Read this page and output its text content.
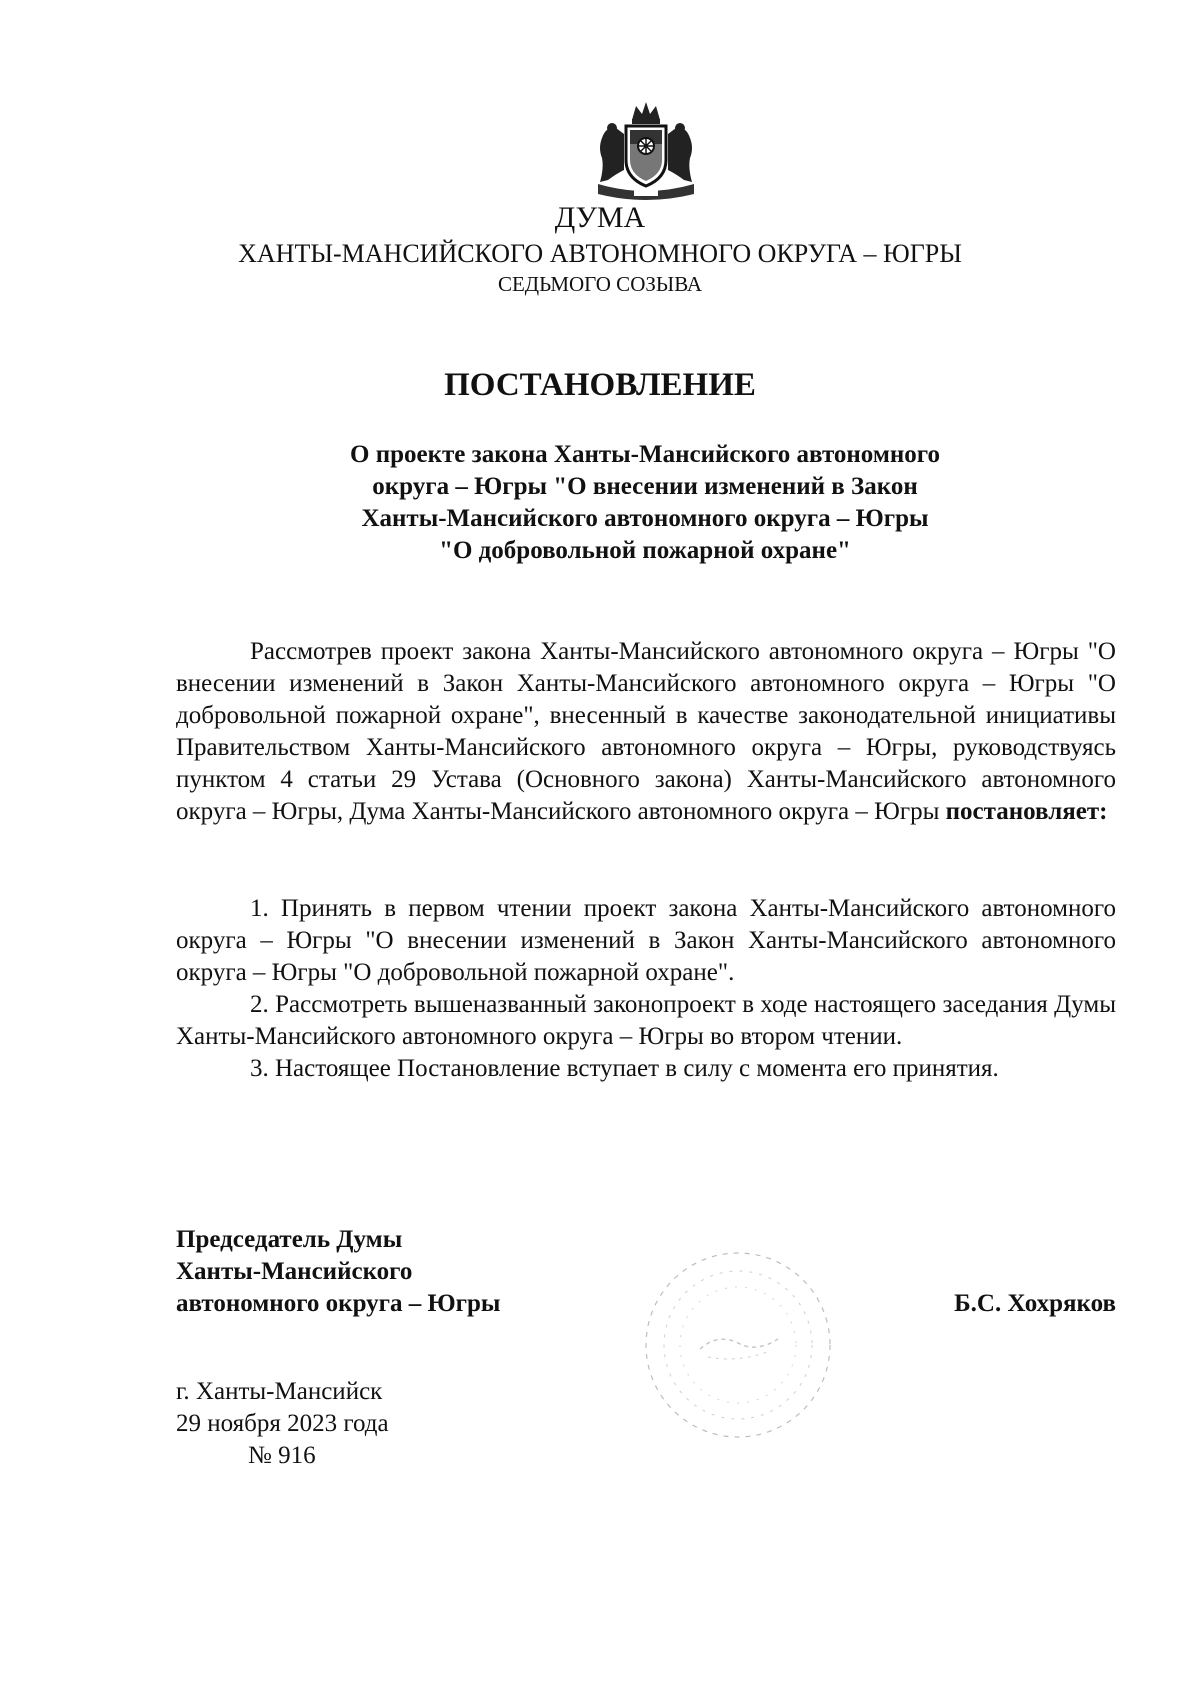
ДУМА
ХАНТЫ-МАНСИЙСКОГО АВТОНОМНОГО ОКРУГА – ЮГРЫ
СЕДЬМОГО СОЗЫВА
ПОСТАНОВЛЕНИЕ
О проекте закона Ханты-Мансийского автономного
округа – Югры "О внесении изменений в Закон
Ханты-Мансийского автономного округа – Югры
"О добровольной пожарной охране"

Рассмотрев проект закона Ханты-Мансийского автономного округа – Югры "О внесении изменений в Закон Ханты-Мансийского автономного округа – Югры "О добровольной пожарной охране", внесенный в качестве законодательной инициативы Правительством Ханты-Мансийского автономного округа – Югры, руководствуясь пунктом 4 статьи 29 Устава (Основного закона) Ханты-Мансийского автономного округа – Югры, Дума Ханты-Мансийского автономного округа – Югры постановляет:

1. Принять в первом чтении проект закона Ханты-Мансийского автономного округа – Югры "О внесении изменений в Закон Ханты-Мансийского автономного округа – Югры "О добровольной пожарной охране".

2. Рассмотреть вышеназванный законопроект в ходе настоящего заседания Думы Ханты-Мансийского автономного округа – Югры во втором чтении.

3. Настоящее Постановление вступает в силу с момента его принятия.

Председатель Думы
Ханты-Мансийского
автономного округа – Югры	Б.С. Хохряков
г. Ханты-Мансийск
29 ноября 2023 года
№ 916
